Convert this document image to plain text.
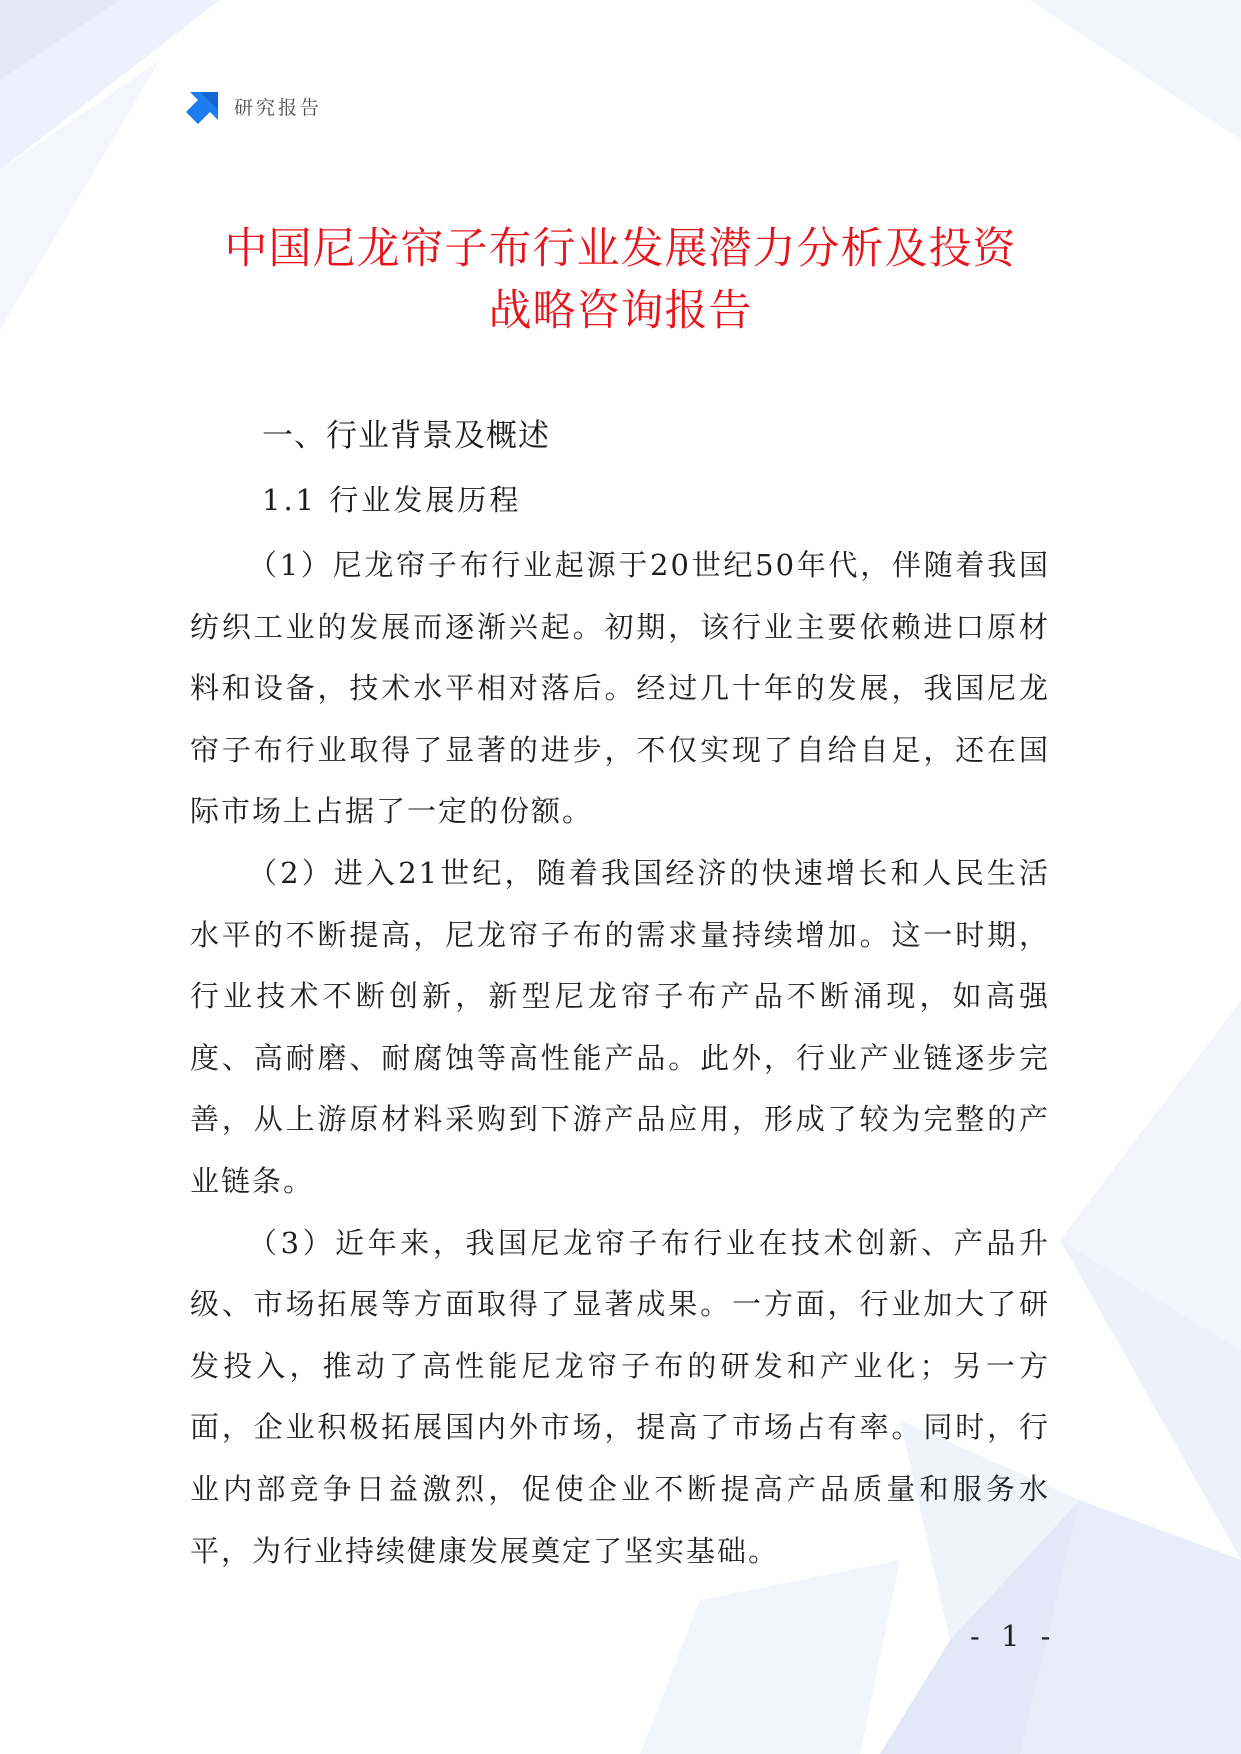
研究报告
中国尼龙帘子布行业发展潜力分析及投资
战略咨询报告
一、行业背景及概述
1.1 行业发展历程

（1）尼龙帘子布行业起源于20世纪50年代，伴随着我国纺织工业的发展而逐渐兴起。初期，该行业主要依赖进口原材料和设备，技术水平相对落后。经过几十年的发展，我国尼龙帘子布行业取得了显著的进步，不仅实现了自给自足，还在国际市场上占据了一定的份额。

（2）进入21世纪，随着我国经济的快速增长和人民生活水平的不断提高，尼龙帘子布的需求量持续增加。这一时期，行业技术不断创新，新型尼龙帘子布产品不断涌现，如高强度、高耐磨、耐腐蚀等高性能产品。此外，行业产业链逐步完善，从上游原材料采购到下游产品应用，形成了较为完整的产业链条。

（3）近年来，我国尼龙帘子布行业在技术创新、产品升级、市场拓展等方面取得了显著成果。一方面，行业加大了研发投入，推动了高性能尼龙帘子布的研发和产业化；另一方面，企业积极拓展国内外市场，提高了市场占有率。同时，行业内部竞争日益激烈，促使企业不断提高产品质量和服务水平，为行业持续健康发展奠定了坚实基础。

- 1 -
